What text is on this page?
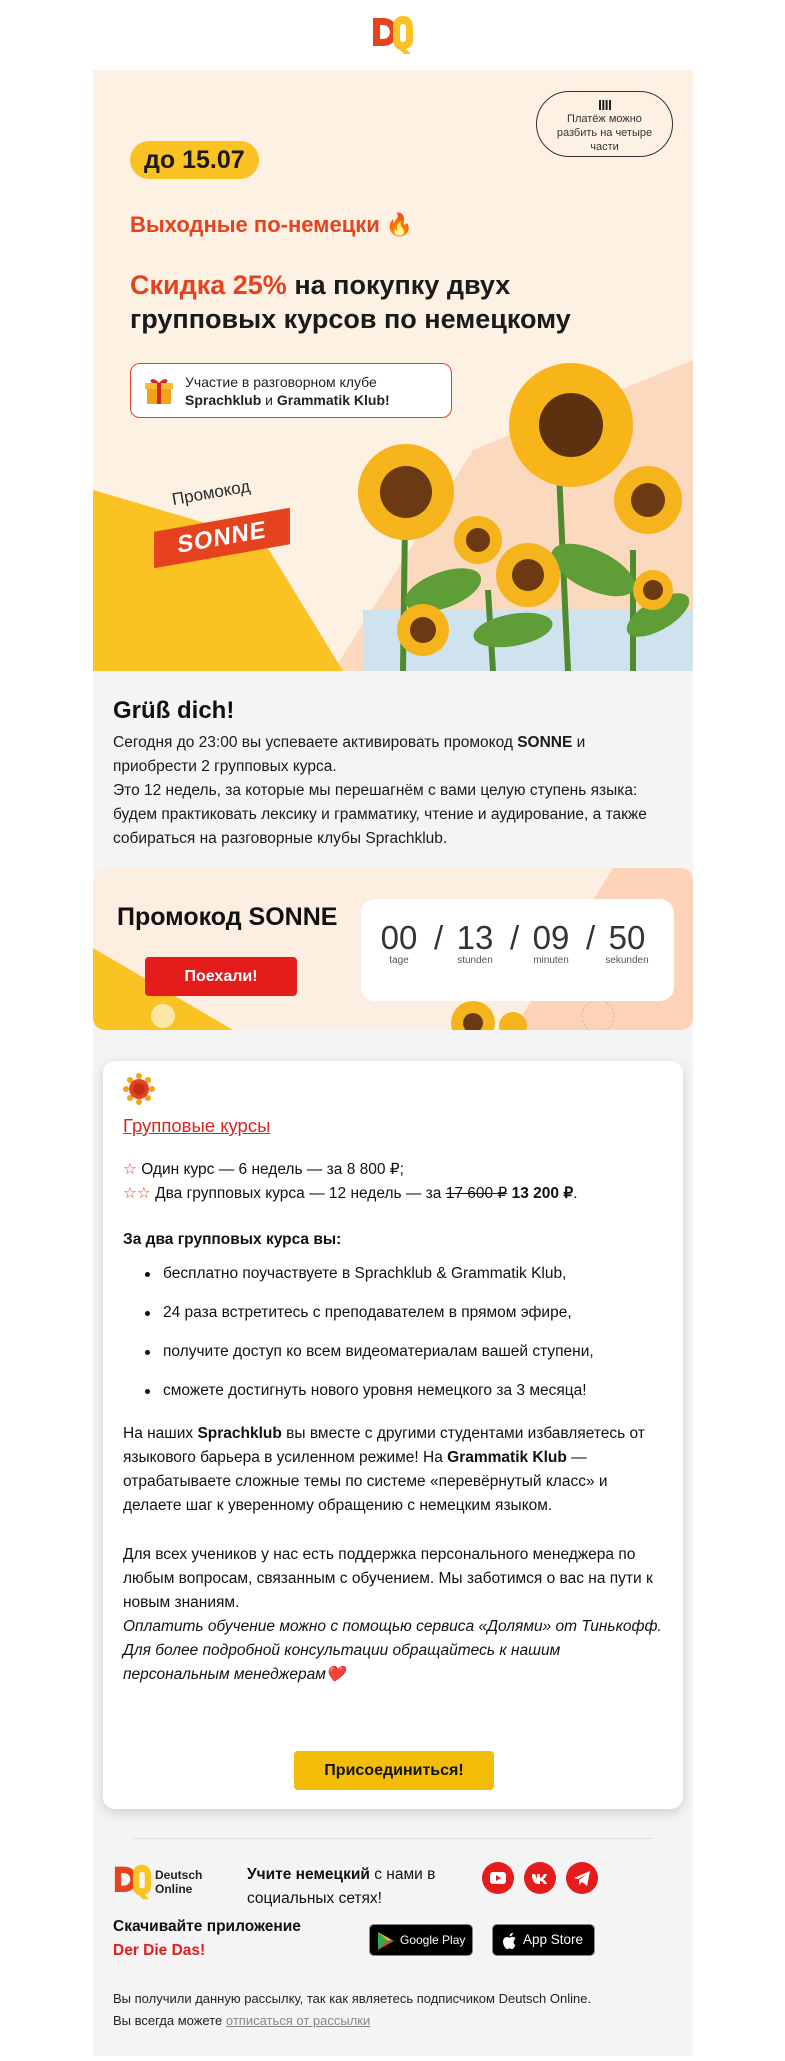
Платёж можно разбить на четыре части
до 15.07
Выходные по-немецки 🔥
Скидка 25% на покупку двух групповых курсов по немецкому
Участие в разговорном клубе
Sprachklub и Grammatik Klub!
Промокод
SONNE
Grüß dich!
Сегодня до 23:00 вы успеваете активировать промокод SONNE и приобрести 2 групповых курса.
Это 12 недель, за которые мы перешагнём с вами целую ступень языка: будем практиковать лексику и грамматику, чтение и аудирование, а также собираться на разговорные клубы Sprachklub.
Промокод SONNE
Поехали!
00
tage
/ 13
stunden
/ 09
minuten
/ 50
sekunden
Групповые курсы
☆ Один курс — 6 недель — за 8 800 ₽;
☆☆ Два групповых курса — 12 недель — за 17 600 ₽ 13 200 ₽.
За два групповых курса вы:
бесплатно поучаствуете в Sprachklub & Grammatik Klub,
24 раза встретитесь с преподавателем в прямом эфире,
получите доступ ко всем видеоматериалам вашей ступени,
сможете достигнуть нового уровня немецкого за 3 месяца!
На наших Sprachklub вы вместе с другими студентами избавляетесь от языкового барьера в усиленном режиме! На Grammatik Klub — отрабатываете сложные темы по системе «перевёрнутый класс» и делаете шаг к уверенному обращению с немецким языком.
Для всех учеников у нас есть поддержка персонального менеджера по любым вопросам, связанным с обучением. Мы заботимся о вас на пути к новым знаниям.
Оплатить обучение можно с помощью сервиса «Долями» от Тинькофф.
Для более подробной консультации обращайтесь к нашим персональным менеджерам❤️
Присоединиться!
Deutsch
Online
Учите немецкий с нами в социальных сетях!
Скачивайте приложение
Der Die Das!
Google Play	App Store
Вы получили данную рассылку, так как являетесь подписчиком Deutsch Online.
Вы всегда можете отписаться от рассылки
